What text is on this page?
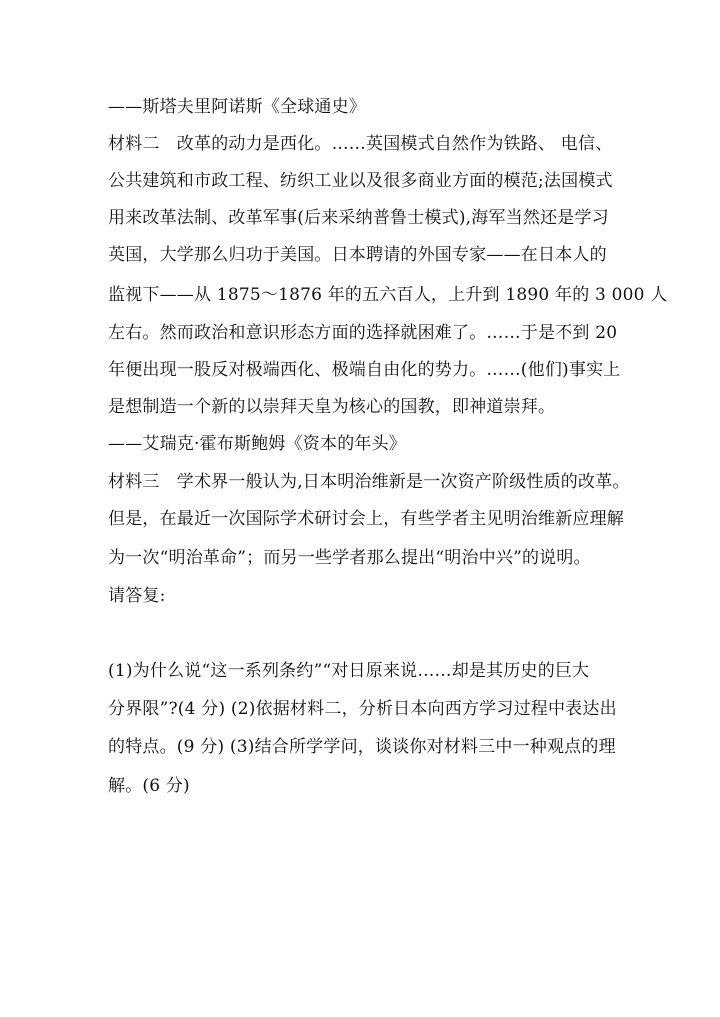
——斯塔夫里阿诺斯《全球通史》
材料二　改革的动力是西化。……英国模式自然作为铁路、 电信、
公共建筑和市政工程、纺织工业以及很多商业方面的模范;法国模式
用来改革法制、改革军事(后来采纳普鲁士模式),海军当然还是学习
英国，大学那么归功于美国。日本聘请的外国专家——在日本人的
监视下——从 1875～1876 年的五六百人，上升到 1890 年的 3 000 人
左右。然而政治和意识形态方面的选择就困难了。……于是不到 20
年便出现一股反对极端西化、极端自由化的势力。……(他们)事实上
是想制造一个新的以崇拜天皇为核心的国教，即神道崇拜。
——艾瑞克·霍布斯鲍姆《资本的年头》
材料三　学术界一般认为,日本明治维新是一次资产阶级性质的改革。
但是，在最近一次国际学术研讨会上，有些学者主见明治维新应理解
为一次“明治革命”；而另一些学者那么提出“明治中兴”的说明。
请答复:
(1)为什么说“这一系列条约”“对日原来说……却是其历史的巨大
分界限”?(4 分) (2)依据材料二，分析日本向西方学习过程中表达出
的特点。(9 分) (3)结合所学学问，谈谈你对材料三中一种观点的理
解。(6 分)
